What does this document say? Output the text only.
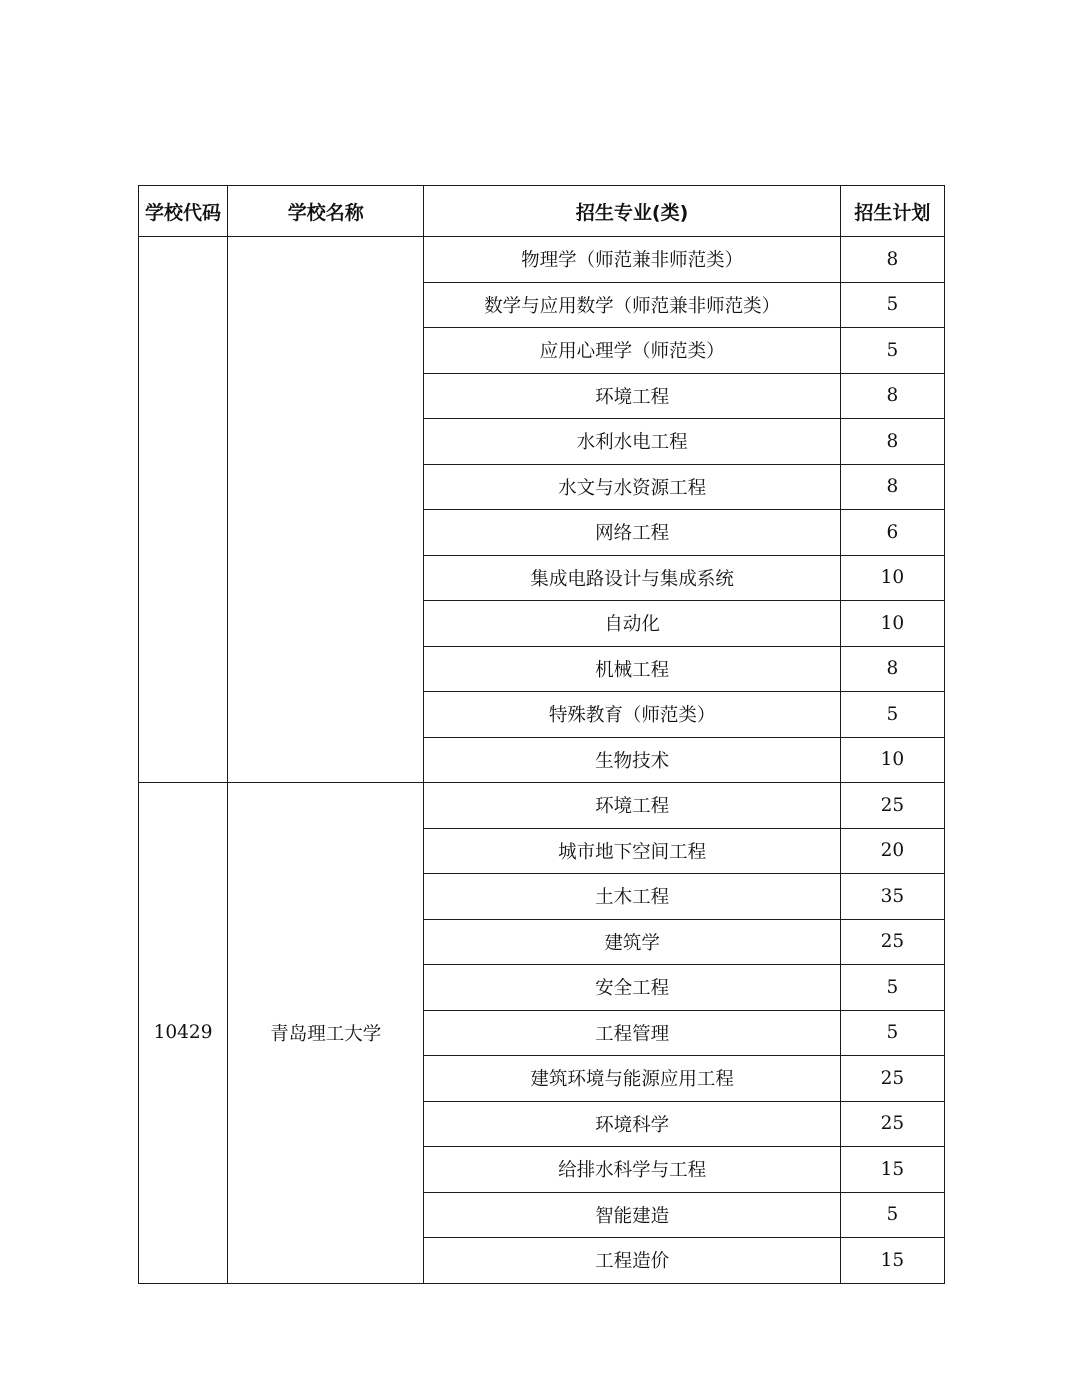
学校代码	学校名称	招生专业(类)	招生计划
		物理学（师范兼非师范类）	8
		数学与应用数学（师范兼非师范类）	5
		应用心理学（师范类）	5
		环境工程	8
		水利水电工程	8
		水文与水资源工程	8
		网络工程	6
		集成电路设计与集成系统	10
		自动化	10
		机械工程	8
		特殊教育（师范类）	5
		生物技术	10
10429	青岛理工大学	环境工程	25
		城市地下空间工程	20
		土木工程	35
		建筑学	25
		安全工程	5
		工程管理	5
		建筑环境与能源应用工程	25
		环境科学	25
		给排水科学与工程	15
		智能建造	5
		工程造价	15
